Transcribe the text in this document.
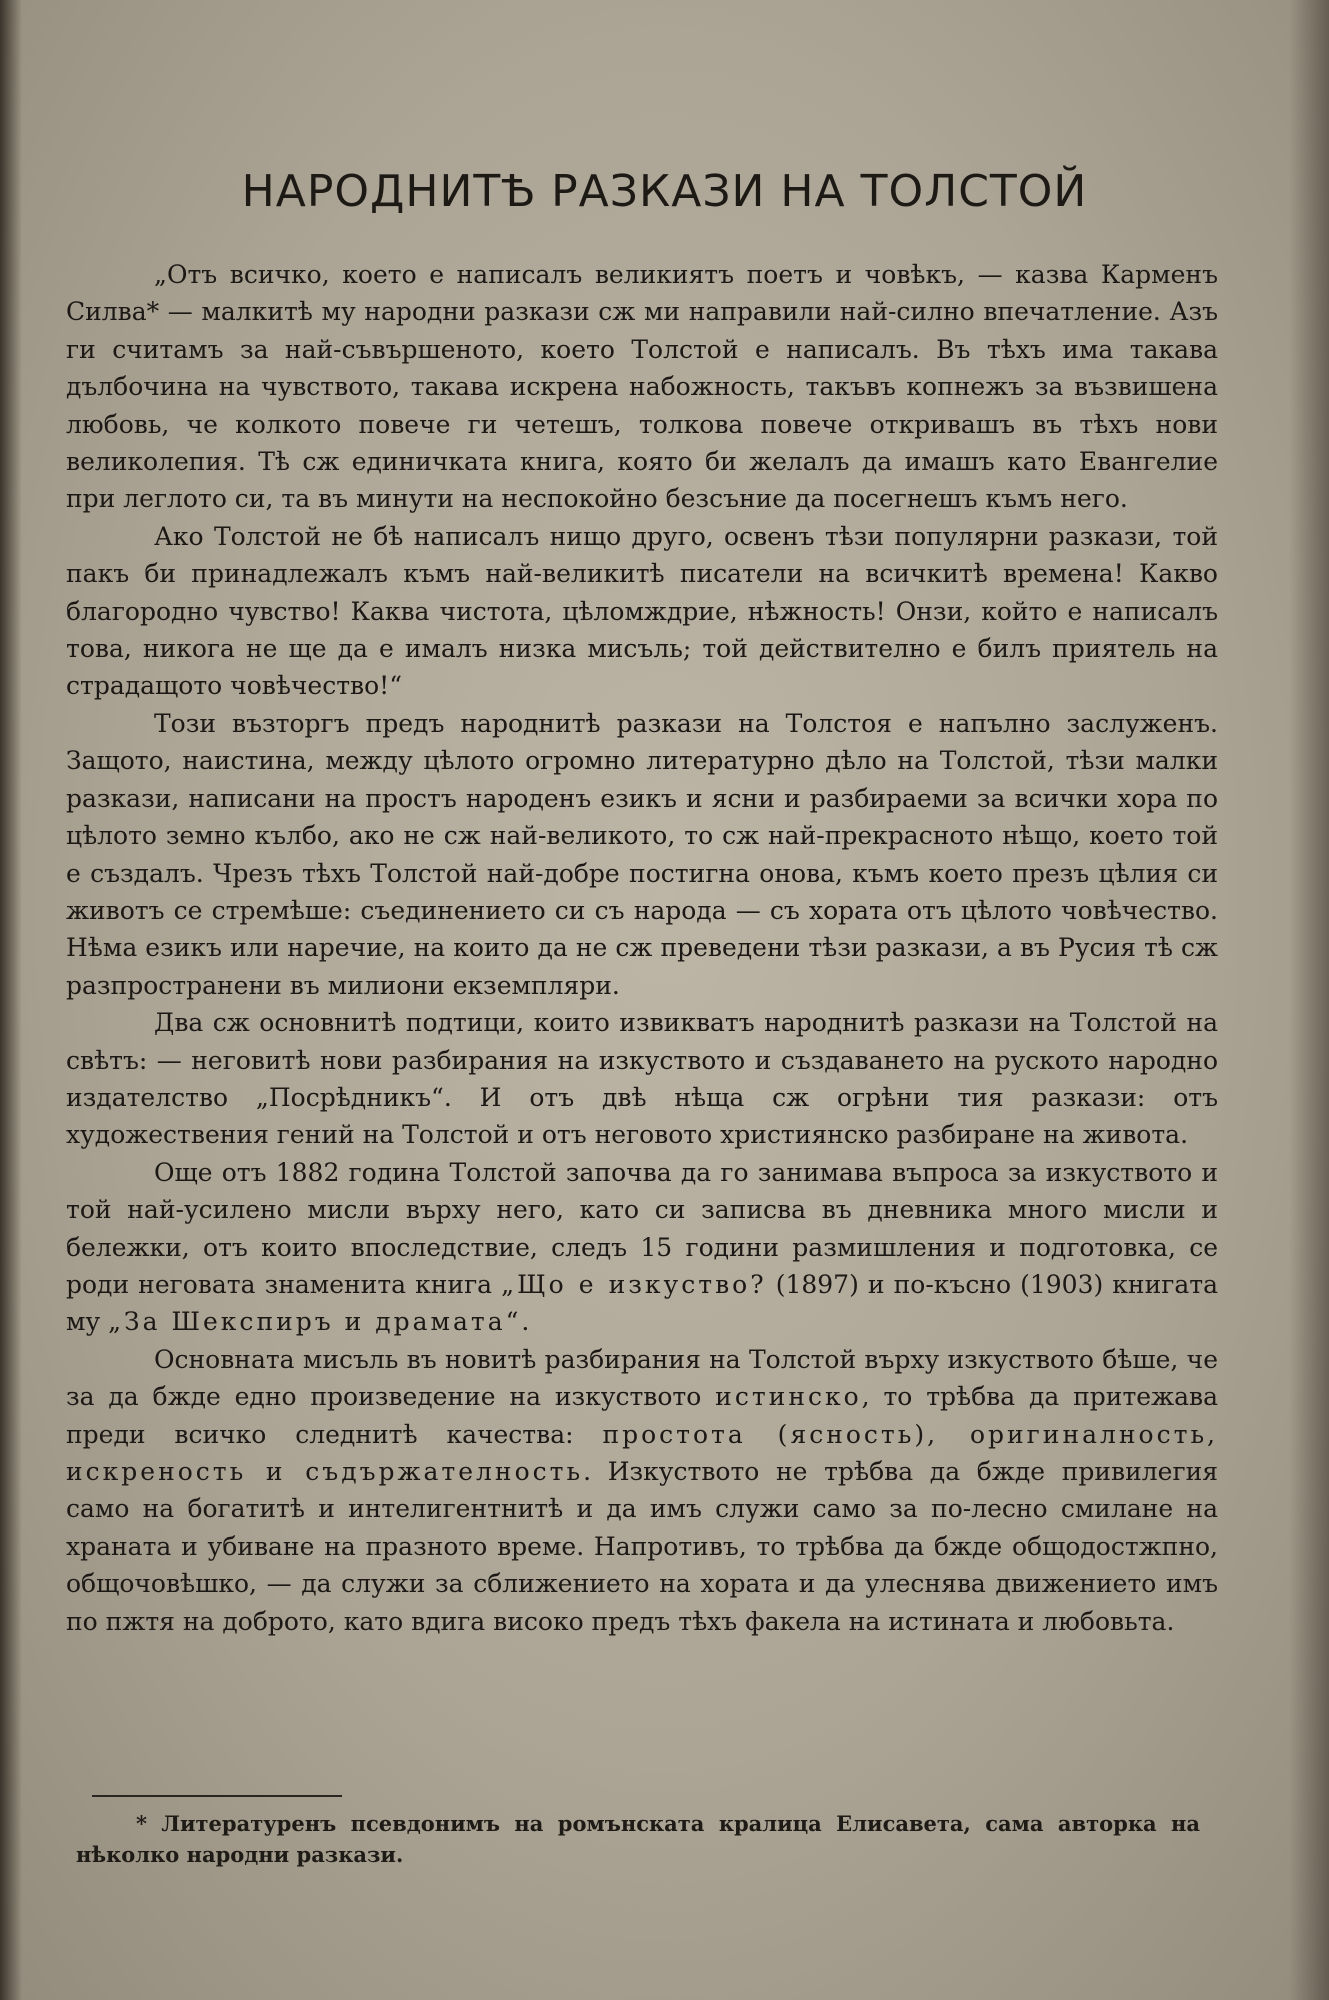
НАРОДНИТѢ РАЗКАЗИ НА ТОЛСТОЙ

„Отъ всичко, което е написалъ великиятъ поетъ и човѣкъ, — казва Карменъ Силва* — малкитѣ му народни разкази сж ми направили най-силно впечатление. Азъ ги считамъ за най-съвършеното, което Толстой е написалъ. Въ тѣхъ има такава дълбочина на чувството, такава искрена набожность, такъвъ копнежъ за възвишена любовь, че колкото повече ги четешъ, толкова повече откривашъ въ тѣхъ нови великолепия. Тѣ сж единичката книга, която би желалъ да имашъ като Евангелие при леглото си, та въ минути на неспокойно безсъние да посегнешъ къмъ него.

Ако Толстой не бѣ написалъ нищо друго, освенъ тѣзи популярни разкази, той пакъ би принадлежалъ къмъ най-великитѣ писатели на всичкитѣ времена! Какво благородно чувство! Каква чистота, цѣломждрие, нѣжность! Онзи, който е написалъ това, никога не ще да е ималъ низка мисъль; той действително е билъ приятель на страдащото човѣчество!“

Този възторгъ предъ народнитѣ разкази на Толстоя е напълно заслуженъ. Защото, наистина, между цѣлото огромно литературно дѣло на Толстой, тѣзи малки разкази, написани на простъ народенъ езикъ и ясни и разбираеми за всички хора по цѣлото земно кълбо, ако не сж най-великото, то сж най-прекрасното нѣщо, което той е създалъ. Чрезъ тѣхъ Толстой най-добре постигна онова, къмъ което презъ цѣлия си животъ се стремѣше: съединението си съ народа — съ хората отъ цѣлото човѣчество. Нѣма езикъ или наречие, на които да не сж преведени тѣзи разкази, а въ Русия тѣ сж разпространени въ милиони екземпляри.

Два сж основнитѣ подтици, които извикватъ народнитѣ разкази на Толстой на свѣтъ: — неговитѣ нови разбирания на изкуството и създаването на руското народно издателство „Посрѣдникъ“. И отъ двѣ нѣща сж огрѣни тия разкази: отъ художествения гений на Толстой и отъ неговото християнско разбиране на живота.

Още отъ 1882 година Толстой започва да го занимава въпроса за изкуството и той най-усилено мисли върху него, като си записва въ дневника много мисли и бележки, отъ които впоследствие, следъ 15 години размишления и подготовка, се роди неговата знаменита книга „Що е изкуство? (1897) и по-късно (1903) книгата му „За Шекспиръ и драмата“.

Основната мисъль въ новитѣ разбирания на Толстой върху изкуството бѣше, че за да бжде едно произведение на изкуството истинско, то трѣбва да притежава преди всичко следнитѣ качества: простота (ясность), оригиналность, искреность и съдържателность. Изкуството не трѣбва да бжде привилегия само на богатитѣ и интелигентнитѣ и да имъ служи само за по-лесно смилане на храната и убиване на празното време. Напротивъ, то трѣбва да бжде общодостжпно, общочовѣшко, — да служи за сближението на хората и да улеснява движението имъ по пжтя на доброто, като вдига високо предъ тѣхъ факела на истината и любовьта.

* Литературенъ псевдонимъ на ромънската кралица Елисавета, сама авторка на нѣколко народни разкази.
